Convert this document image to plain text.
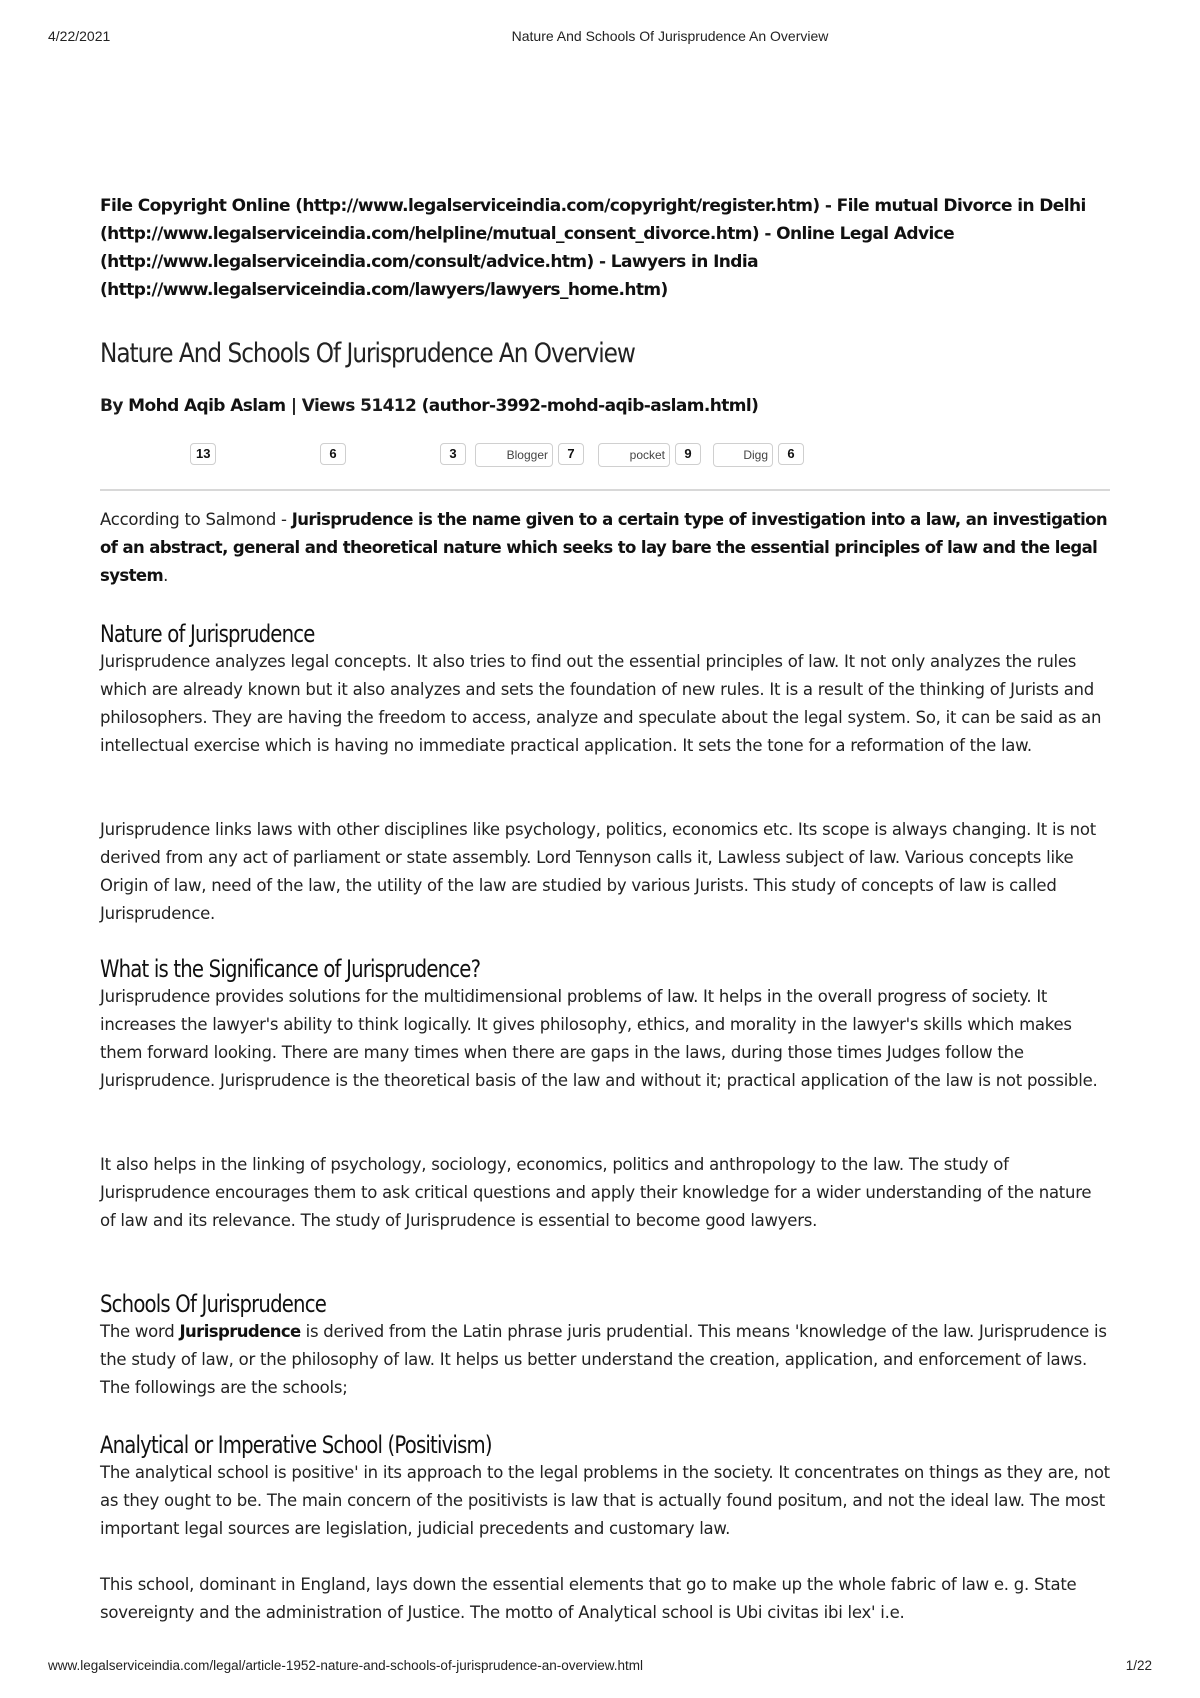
4/22/2021	Nature And Schools Of Jurisprudence An Overview
File Copyright Online (http://www.legalserviceindia.com/copyright/register.htm) - File mutual Divorce in Delhi (http://www.legalserviceindia.com/helpline/mutual_consent_divorce.htm) - Online Legal Advice (http://www.legalserviceindia.com/consult/advice.htm) - Lawyers in India (http://www.legalserviceindia.com/lawyers/lawyers_home.htm)
Nature And Schools Of Jurisprudence An Overview
By Mohd Aqib Aslam | Views 51412 (author-3992-mohd-aqib-aslam.html)
13	6	3	Blogger	7	pocket	9	Digg	6

According to Salmond - Jurisprudence is the name given to a certain type of investigation into a law, an investigation of an abstract, general and theoretical nature which seeks to lay bare the essential principles of law and the legal system.

Nature of Jurisprudence

Jurisprudence analyzes legal concepts. It also tries to find out the essential principles of law. It not only analyzes the rules which are already known but it also analyzes and sets the foundation of new rules. It is a result of the thinking of Jurists and philosophers. They are having the freedom to access, analyze and speculate about the legal system. So, it can be said as an intellectual exercise which is having no immediate practical application. It sets the tone for a reformation of the law.

Jurisprudence links laws with other disciplines like psychology, politics, economics etc. Its scope is always changing. It is not derived from any act of parliament or state assembly. Lord Tennyson calls it, Lawless subject of law. Various concepts like Origin of law, need of the law, the utility of the law are studied by various Jurists. This study of concepts of law is called Jurisprudence.

What is the Significance of Jurisprudence?

Jurisprudence provides solutions for the multidimensional problems of law. It helps in the overall progress of society. It increases the lawyer's ability to think logically. It gives philosophy, ethics, and morality in the lawyer's skills which makes them forward looking. There are many times when there are gaps in the laws, during those times Judges follow the Jurisprudence. Jurisprudence is the theoretical basis of the law and without it; practical application of the law is not possible.

It also helps in the linking of psychology, sociology, economics, politics and anthropology to the law. The study of Jurisprudence encourages them to ask critical questions and apply their knowledge for a wider understanding of the nature of law and its relevance. The study of Jurisprudence is essential to become good lawyers.

Schools Of Jurisprudence

The word Jurisprudence is derived from the Latin phrase juris prudential. This means 'knowledge of the law. Jurisprudence is the study of law, or the philosophy of law. It helps us better understand the creation, application, and enforcement of laws. The followings are the schools;

Analytical or Imperative School (Positivism)

The analytical school is positive' in its approach to the legal problems in the society. It concentrates on things as they are, not as they ought to be. The main concern of the positivists is law that is actually found positum, and not the ideal law. The most important legal sources are legislation, judicial precedents and customary law.

This school, dominant in England, lays down the essential elements that go to make up the whole fabric of law e. g. State sovereignty and the administration of Justice. The motto of Analytical school is Ubi civitas ibi lex' i.e.

www.legalserviceindia.com/legal/article-1952-nature-and-schools-of-jurisprudence-an-overview.html	1/22
